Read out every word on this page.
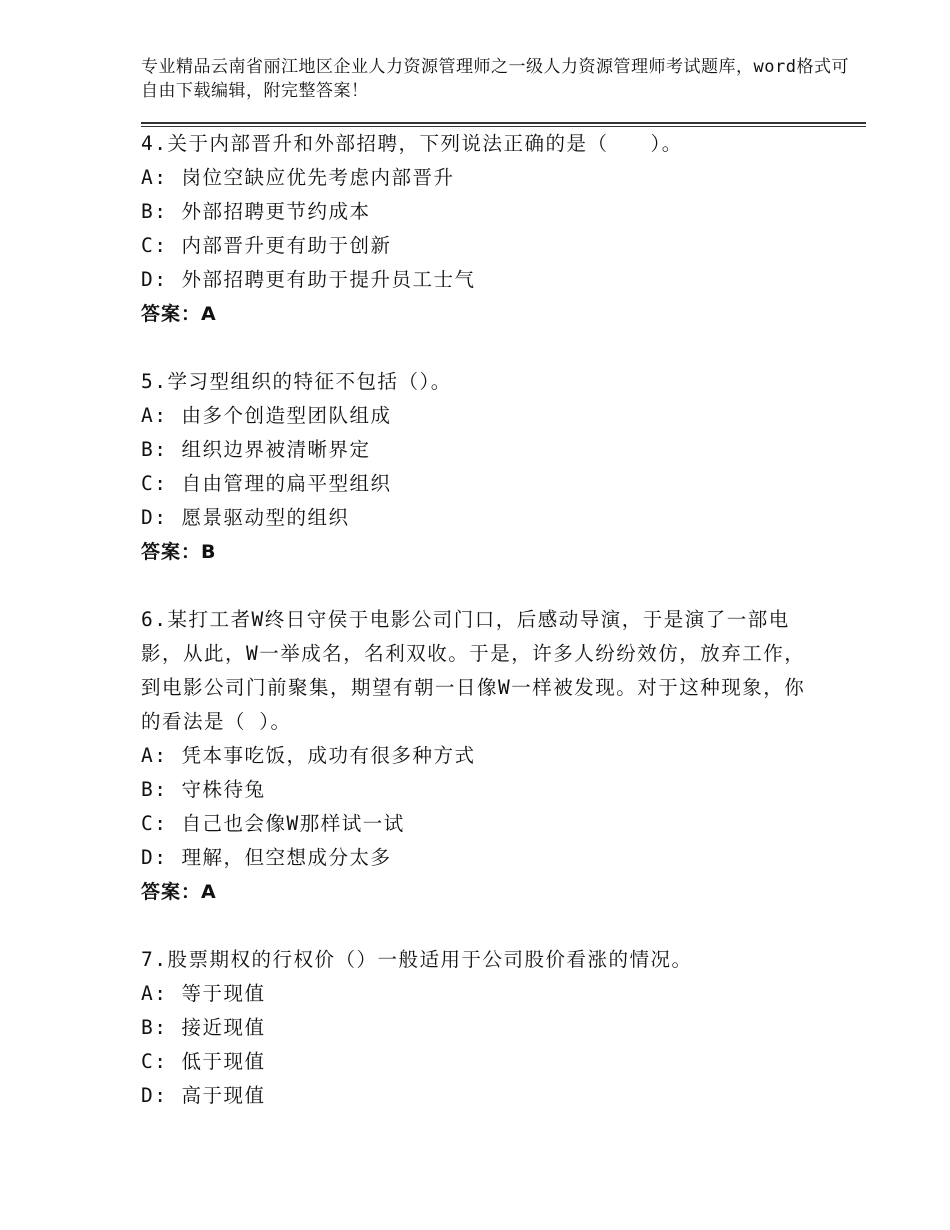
专业精品云南省丽江地区企业人力资源管理师之一级人力资源管理师考试题库，word格式可自由下载编辑，附完整答案！
4.关于内部晋升和外部招聘，下列说法正确的是（　　）。
A: 岗位空缺应优先考虑内部晋升
B: 外部招聘更节约成本
C: 内部晋升更有助于创新
D: 外部招聘更有助于提升员工士气
答案：A
5.学习型组织的特征不包括（）。
A: 由多个创造型团队组成
B: 组织边界被清晰界定
C: 自由管理的扁平型组织
D: 愿景驱动型的组织
答案：B
6.某打工者W终日守侯于电影公司门口，后感动导演，于是演了一部电影，从此，W一举成名，名利双收。于是，许多人纷纷效仿，放弃工作，到电影公司门前聚集，期望有朝一日像W一样被发现。对于这种现象，你的看法是（ ）。
A: 凭本事吃饭，成功有很多种方式
B: 守株待兔
C: 自己也会像W那样试一试
D: 理解，但空想成分太多
答案：A
7.股票期权的行权价（）一般适用于公司股价看涨的情况。
A: 等于现值
B: 接近现值
C: 低于现值
D: 高于现值
